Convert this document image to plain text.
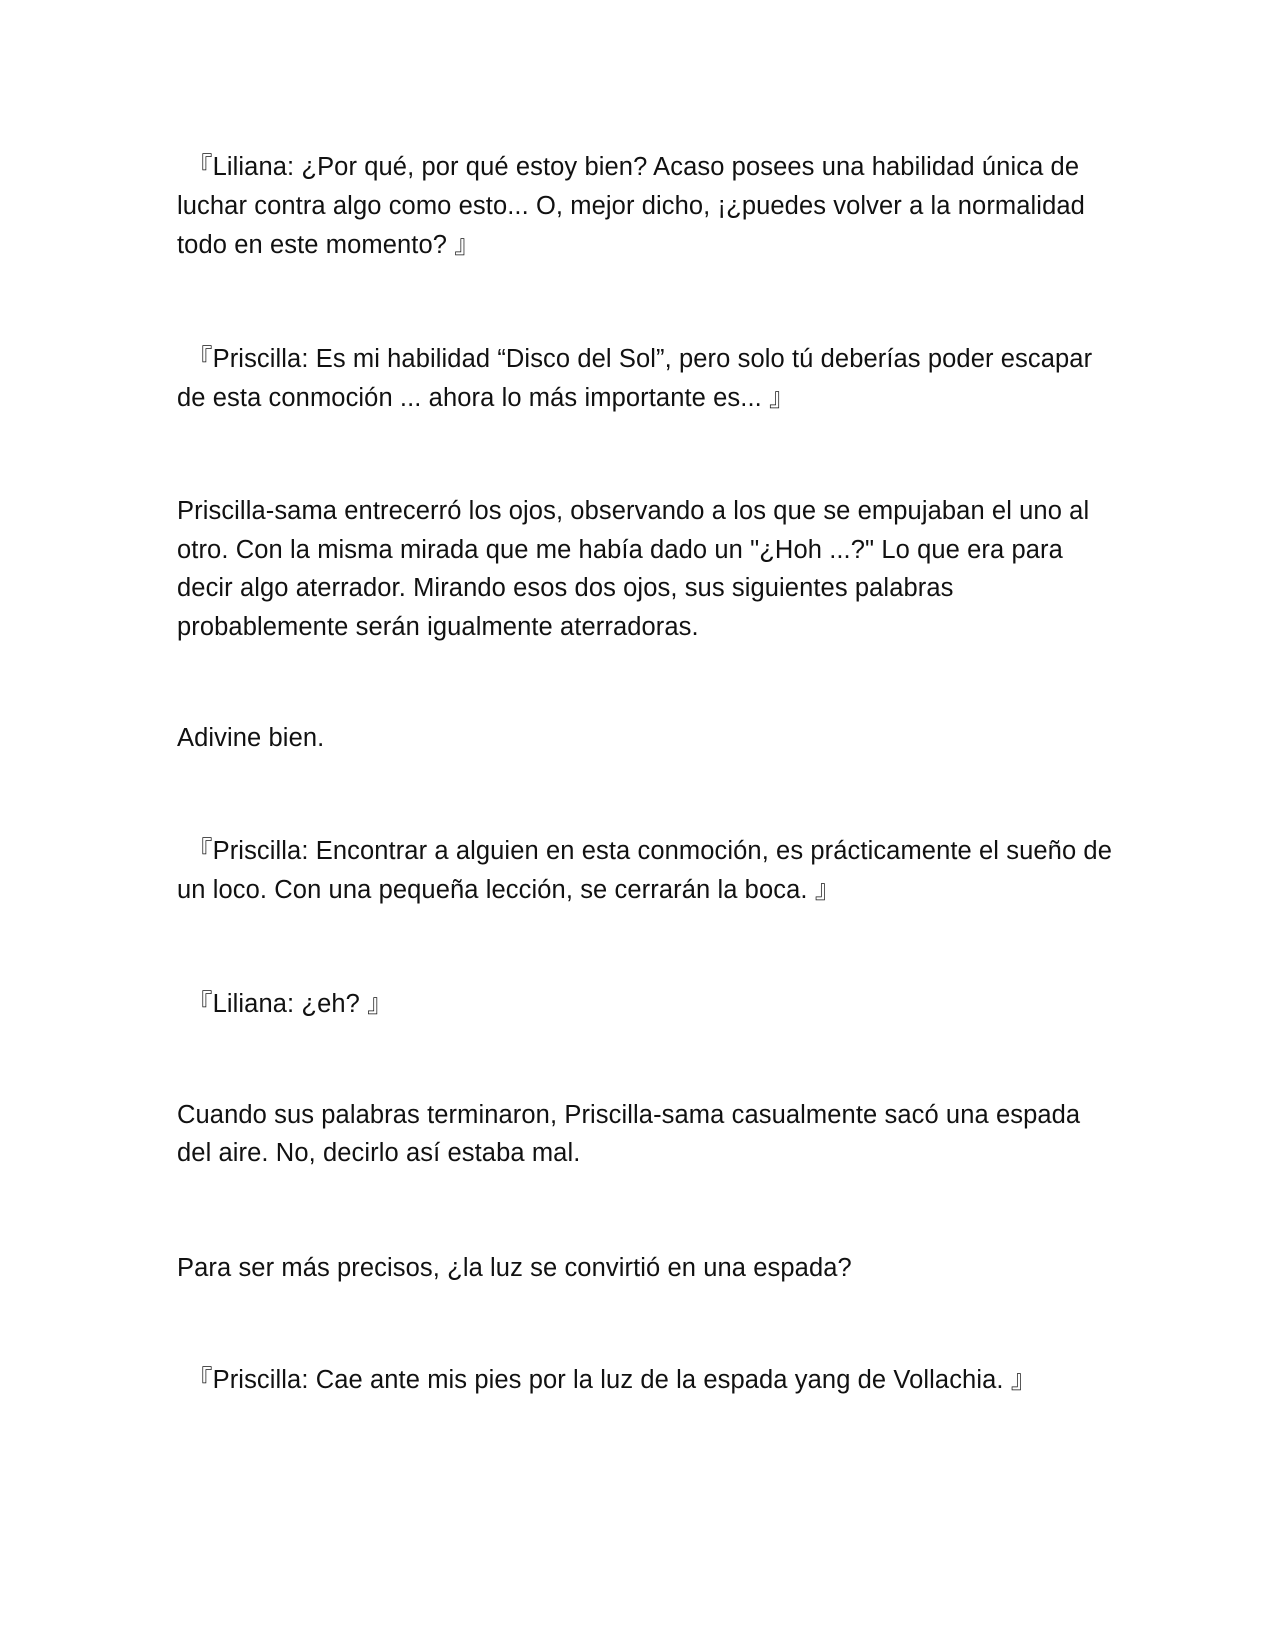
『Liliana: ¿Por qué, por qué estoy bien? Acaso posees una habilidad única de luchar contra algo como esto... O, mejor dicho, ¡¿puedes volver a la normalidad todo en este momento? 』

『Priscilla: Es mi habilidad “Disco del Sol”, pero solo tú deberías poder escapar de esta conmoción ... ahora lo más importante es... 』

Priscilla-sama entrecerró los ojos, observando a los que se empujaban el uno al otro. Con la misma mirada que me había dado un "¿Hoh ...?" Lo que era para decir algo aterrador. Mirando esos dos ojos, sus siguientes palabras probablemente serán igualmente aterradoras.

Adivine bien.

『Priscilla: Encontrar a alguien en esta conmoción, es prácticamente el sueño de un loco. Con una pequeña lección, se cerrarán la boca. 』

『Liliana: ¿eh? 』

Cuando sus palabras terminaron, Priscilla-sama casualmente sacó una espada del aire. No, decirlo así estaba mal.

Para ser más precisos, ¿la luz se convirtió en una espada?

『Priscilla: Cae ante mis pies por la luz de la espada yang de Vollachia. 』
